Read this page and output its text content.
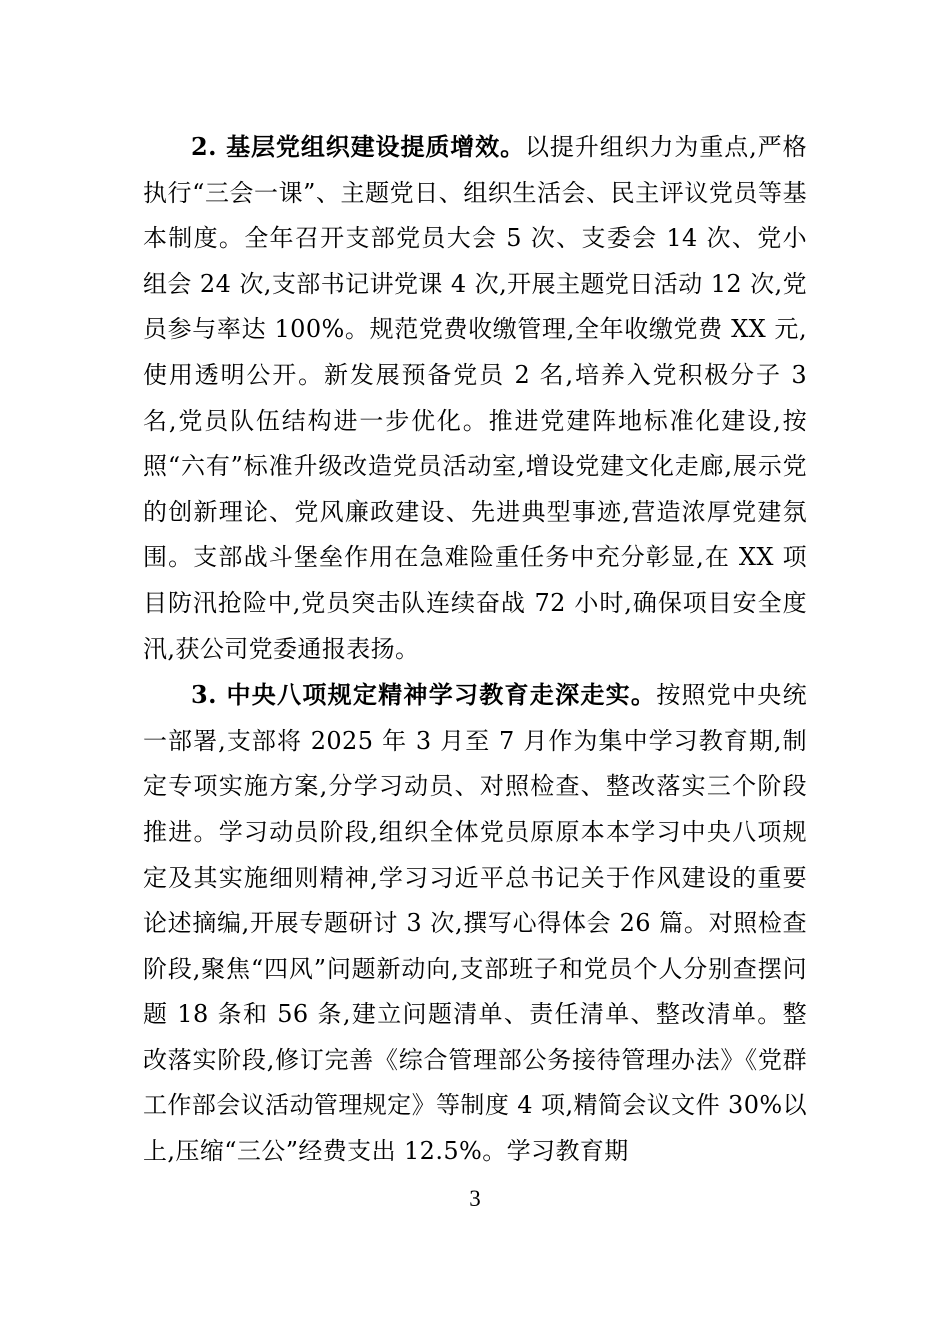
2. 基层党组织建设提质增效。以提升组织力为重点,严格执行“三会一课”、主题党日、组织生活会、民主评议党员等基本制度。全年召开支部党员大会 5 次、支委会 14 次、党小组会 24 次,支部书记讲党课 4 次,开展主题党日活动 12 次,党员参与率达 100%。规范党费收缴管理,全年收缴党费 XX 元,使用透明公开。新发展预备党员 2 名,培养入党积极分子 3 名,党员队伍结构进一步优化。推进党建阵地标准化建设,按照“六有”标准升级改造党员活动室,增设党建文化走廊,展示党的创新理论、党风廉政建设、先进典型事迹,营造浓厚党建氛围。支部战斗堡垒作用在急难险重任务中充分彰显,在 XX 项目防汛抢险中,党员突击队连续奋战 72 小时,确保项目安全度汛,获公司党委通报表扬。

3. 中央八项规定精神学习教育走深走实。按照党中央统一部署,支部将 2025 年 3 月至 7 月作为集中学习教育期,制定专项实施方案,分学习动员、对照检查、整改落实三个阶段推进。学习动员阶段,组织全体党员原原本本学习中央八项规定及其实施细则精神,学习习近平总书记关于作风建设的重要论述摘编,开展专题研讨 3 次,撰写心得体会 26 篇。对照检查阶段,聚焦“四风”问题新动向,支部班子和党员个人分别查摆问题 18 条和 56 条,建立问题清单、责任清单、整改清单。整改落实阶段,修订完善《综合管理部公务接待管理办法》《党群工作部会议活动管理规定》等制度 4 项,精简会议文件 30%以上,压缩“三公”经费支出 12.5%。学习教育期

3
